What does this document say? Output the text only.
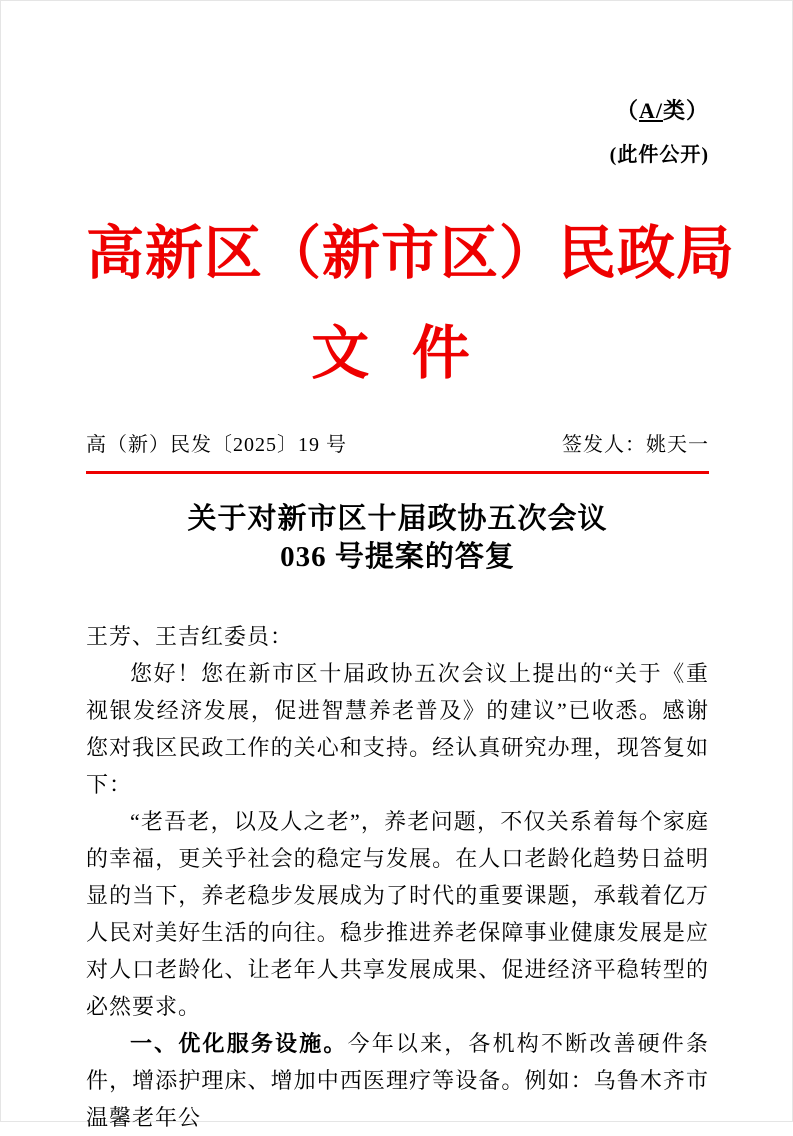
（A/类）
(此件公开)
高新区（新市区）民政局
文 件
高（新）民发〔2025〕19 号	签发人：姚天一
关于对新市区十届政协五次会议
036 号提案的答复

王芳、王吉红委员：

您好！您在新市区十届政协五次会议上提出的“关于《重视银发经济发展，促进智慧养老普及》的建议”已收悉。感谢您对我区民政工作的关心和支持。经认真研究办理，现答复如下：

“老吾老，以及人之老”，养老问题，不仅关系着每个家庭的幸福，更关乎社会的稳定与发展。在人口老龄化趋势日益明显的当下，养老稳步发展成为了时代的重要课题，承载着亿万人民对美好生活的向往。稳步推进养老保障事业健康发展是应对人口老龄化、让老年人共享发展成果、促进经济平稳转型的必然要求。

一、优化服务设施。今年以来，各机构不断改善硬件条件，增添护理床、增加中西医理疗等设备。例如：乌鲁木齐市温馨老年公
